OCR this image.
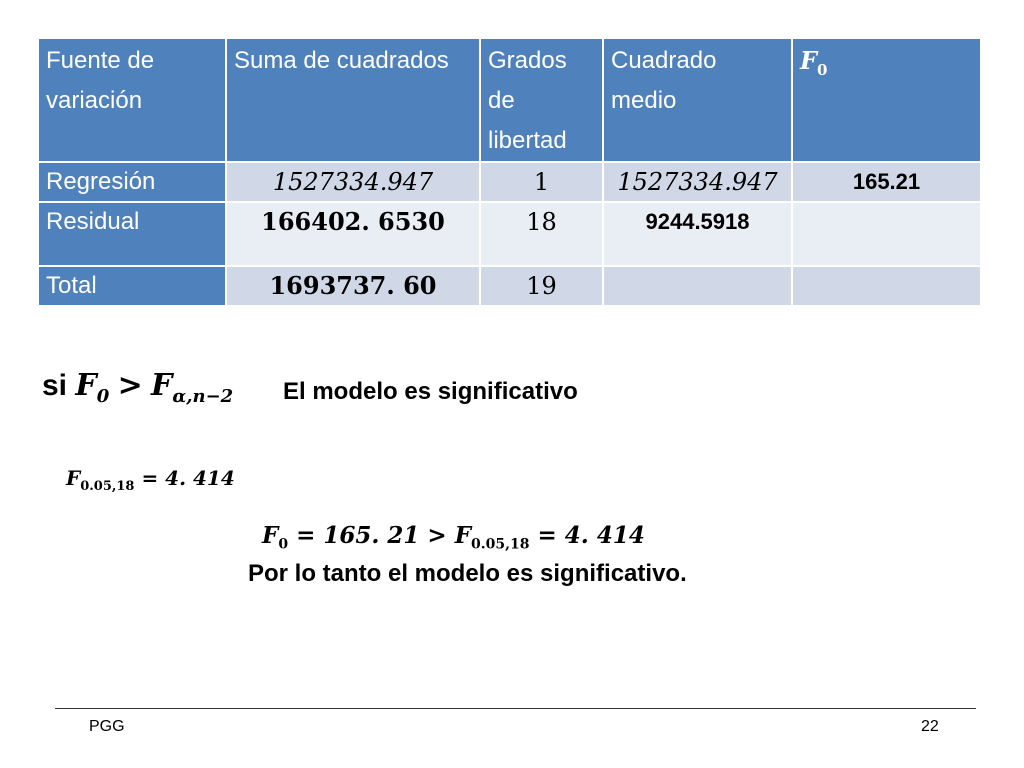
Fuente de variación	Suma de cuadrados	Grados de libertad	Cuadrado medio	$F_0$
Regresión	1527334.947	1	1527334.947	165.21
Residual	166402. 6530	18	9244.5918	
Total	1693737. 60	19		
si $F_0 > F_{\alpha,n-2}$ El modelo es significativo
$F_{0.05,18} = 4$. 414
$F_0 = 165$. $21 > F_{0.05,18} = 4$. 414
Por lo tanto el modelo es significativo.
PGG	22
